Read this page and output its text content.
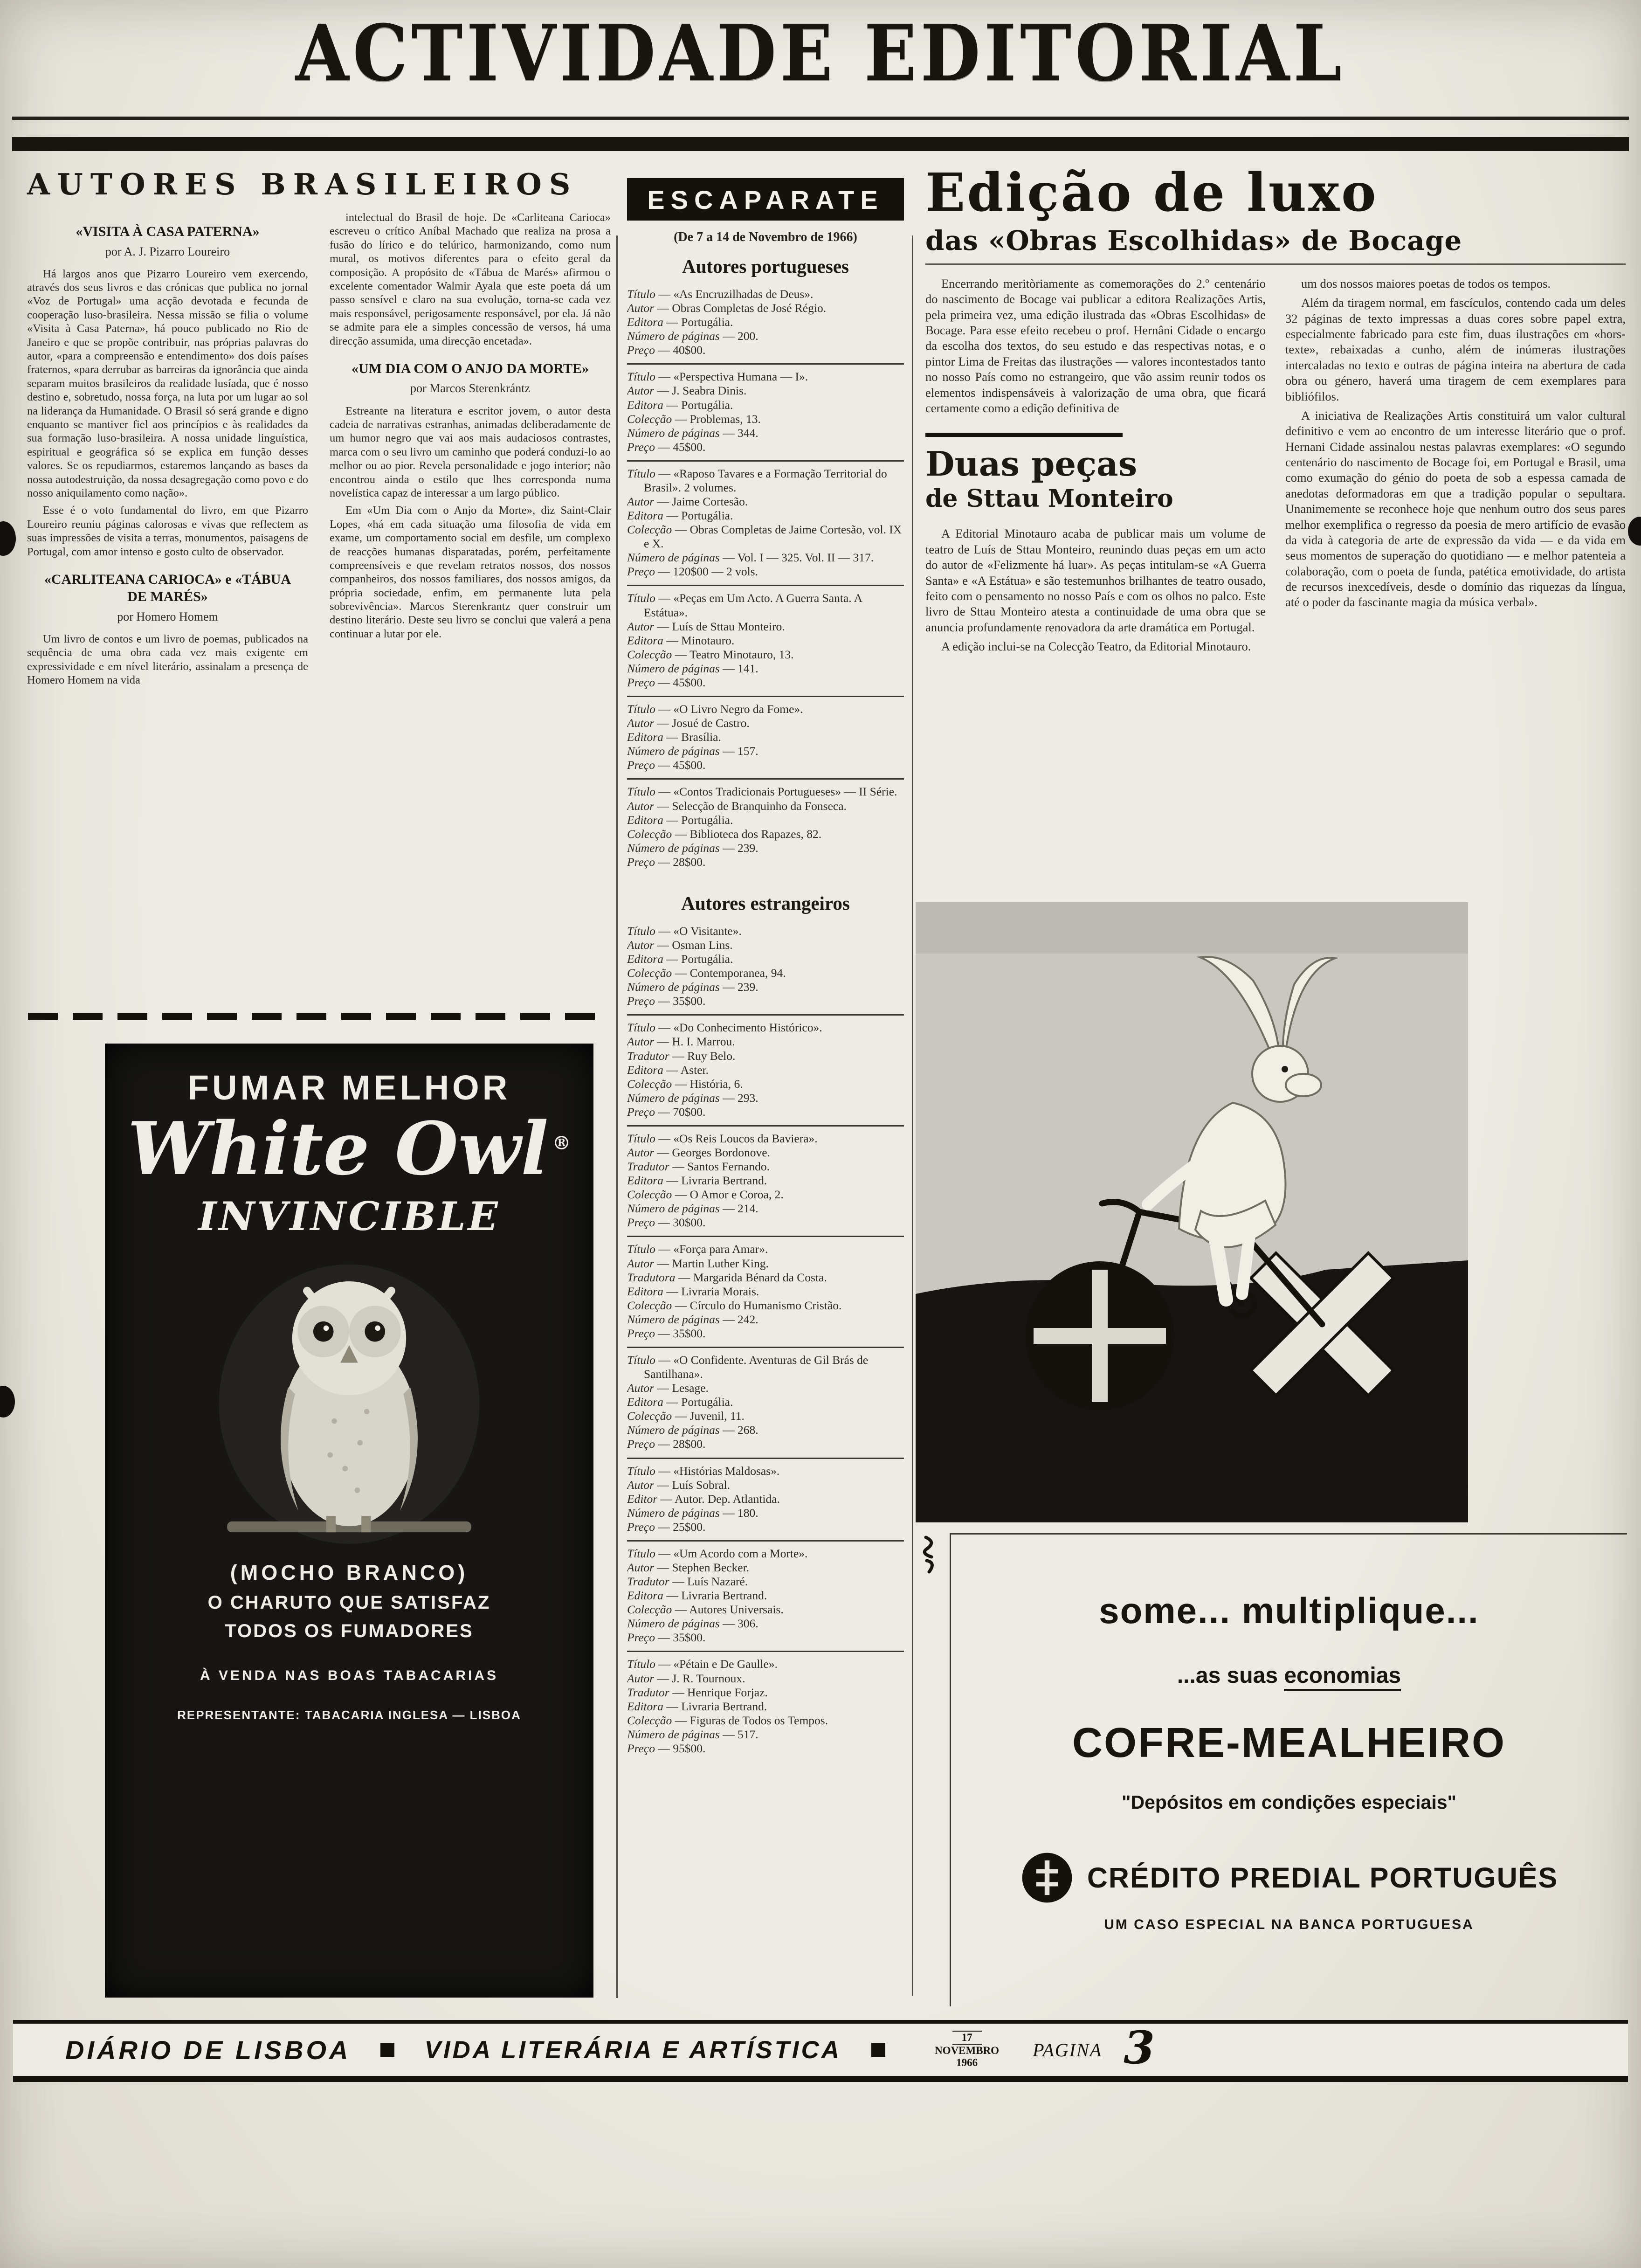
ACTIVIDADE EDITORIAL
AUTORES BRASILEIROS
«VISITA À CASA PATERNA»
por A. J. Pizarro Loureiro

Há largos anos que Pizarro Loureiro vem exercendo, através dos seus livros e das crónicas que publica no jornal «Voz de Portugal» uma acção devotada e fecunda de cooperação luso-brasileira. Nessa missão se filia o volume «Visita à Casa Paterna», há pouco publicado no Rio de Janeiro e que se propõe contribuir, nas próprias palavras do autor, «para a compreensão e entendimento» dos dois países fraternos, «para derrubar as barreiras da ignorância que ainda separam muitos brasileiros da realidade lusíada, que é nosso destino e, sobretudo, nossa força, na luta por um lugar ao sol na liderança da Humanidade. O Brasil só será grande e digno enquanto se mantiver fiel aos princípios e às realidades da sua formação luso-brasileira. A nossa unidade linguística, espiritual e geográfica só se explica em função desses valores. Se os repudiarmos, estaremos lançando as bases da nossa autodestruição, da nossa desagregação como povo e do nosso aniquilamento como nação».

Esse é o voto fundamental do livro, em que Pizarro Loureiro reuniu páginas calorosas e vivas que reflectem as suas impressões de visita a terras, monumentos, paisagens de Portugal, com amor intenso e gosto culto de observador.

«CARLITEANA CARIOCA» e «TÁBUA DE MARÉS»
por Homero Homem

Um livro de contos e um livro de poemas, publicados na sequência de uma obra cada vez mais exigente em expressividade e em nível literário, assinalam a presença de Homero Homem na vida

intelectual do Brasil de hoje. De «Carliteana Carioca» escreveu o crítico Aníbal Machado que realiza na prosa a fusão do lírico e do telúrico, harmonizando, como num mural, os motivos diferentes para o efeito geral da composição. A propósito de «Tábua de Marés» afirmou o excelente comentador Walmir Ayala que este poeta dá um passo sensível e claro na sua evolução, torna-se cada vez mais responsável, perigosamente responsável, por ela. Já não se admite para ele a simples concessão de versos, há uma direcção assumida, uma direcção encetada».

«UM DIA COM O ANJO DA MORTE»
por Marcos Sterenkrántz

Estreante na literatura e escritor jovem, o autor desta cadeia de narrativas estranhas, animadas deliberadamente de um humor negro que vai aos mais audaciosos contrastes, marca com o seu livro um caminho que poderá conduzi-lo ao melhor ou ao pior. Revela personalidade e jogo interior; não encontrou ainda o estilo que lhes corresponda numa novelística capaz de interessar a um largo público.

Em «Um Dia com o Anjo da Morte», diz Saint-Clair Lopes, «há em cada situação uma filosofia de vida em exame, um comportamento social em desfile, um complexo de reacções humanas disparatadas, porém, perfeitamente compreensíveis e que revelam retratos nossos, dos nossos companheiros, dos nossos familiares, dos nossos amigos, da própria sociedade, enfim, em permanente luta pela sobrevivência». Marcos Sterenkrantz quer construir um destino literário. Deste seu livro se conclui que valerá a pena continuar a lutar por ele.

FUMAR MELHOR
White Owl ®
INVINCIBLE
(MOCHO BRANCO)
O CHARUTO QUE SATISFAZ
TODOS OS FUMADORES
À VENDA NAS BOAS TABACARIAS
REPRESENTANTE: TABACARIA INGLESA — LISBOA
ESCAPARATE
(De 7 a 14 de Novembro de 1966)
Autores portugueses

Título — «As Encruzilhadas de Deus».

Autor — Obras Completas de José Régio.

Editora — Portugália.

Número de páginas — 200.

Preço — 40$00.

Título — «Perspectiva Humana — I».

Autor — J. Seabra Dinis.

Editora — Portugália.

Colecção — Problemas, 13.

Número de páginas — 344.

Preço — 45$00.

Título — «Raposo Tavares e a Formação Territorial do Brasil». 2 volumes.

Autor — Jaime Cortesão.

Editora — Portugália.

Colecção — Obras Completas de Jaime Cortesão, vol. IX e X.

Número de páginas — Vol. I — 325. Vol. II — 317.

Preço — 120$00 — 2 vols.

Título — «Peças em Um Acto. A Guerra Santa. A Estátua».

Autor — Luís de Sttau Monteiro.

Editora — Minotauro.

Colecção — Teatro Minotauro, 13.

Número de páginas — 141.

Preço — 45$00.

Título — «O Livro Negro da Fome».

Autor — Josué de Castro.

Editora — Brasília.

Número de páginas — 157.

Preço — 45$00.

Título — «Contos Tradicionais Portugueses» — II Série.

Autor — Selecção de Branquinho da Fonseca.

Editora — Portugália.

Colecção — Biblioteca dos Rapazes, 82.

Número de páginas — 239.

Preço — 28$00.

Autores estrangeiros

Título — «O Visitante».

Autor — Osman Lins.

Editora — Portugália.

Colecção — Contemporanea, 94.

Número de páginas — 239.

Preço — 35$00.

Título — «Do Conhecimento Histórico».

Autor — H. I. Marrou.

Tradutor — Ruy Belo.

Editora — Aster.

Colecção — História, 6.

Número de páginas — 293.

Preço — 70$00.

Título — «Os Reis Loucos da Baviera».

Autor — Georges Bordonove.

Tradutor — Santos Fernando.

Editora — Livraria Bertrand.

Colecção — O Amor e Coroa, 2.

Número de páginas — 214.

Preço — 30$00.

Título — «Força para Amar».

Autor — Martin Luther King.

Tradutora — Margarida Bénard da Costa.

Editora — Livraria Morais.

Colecção — Círculo do Humanismo Cristão.

Número de páginas — 242.

Preço — 35$00.

Título — «O Confidente. Aventuras de Gil Brás de Santilhana».

Autor — Lesage.

Editora — Portugália.

Colecção — Juvenil, 11.

Número de páginas — 268.

Preço — 28$00.

Título — «Histórias Maldosas».

Autor — Luís Sobral.

Editor — Autor. Dep. Atlantida.

Número de páginas — 180.

Preço — 25$00.

Título — «Um Acordo com a Morte».

Autor — Stephen Becker.

Tradutor — Luís Nazaré.

Editora — Livraria Bertrand.

Colecção — Autores Universais.

Número de páginas — 306.

Preço — 35$00.

Título — «Pétain e De Gaulle».

Autor — J. R. Tournoux.

Tradutor — Henrique Forjaz.

Editora — Livraria Bertrand.

Colecção — Figuras de Todos os Tempos.

Número de páginas — 517.

Preço — 95$00.

Edição de luxo
das «Obras Escolhidas» de Bocage

Encerrando meritòriamente as comemorações do 2.º centenário do nascimento de Bocage vai publicar a editora Realizações Artis, pela primeira vez, uma edição ilustrada das «Obras Escolhidas» de Bocage. Para esse efeito recebeu o prof. Hernâni Cidade o encargo da escolha dos textos, do seu estudo e das respectivas notas, e o pintor Lima de Freitas das ilustrações — valores incontestados tanto no nosso País como no estrangeiro, que vão assim reunir todos os elementos indispensáveis à valorização de uma obra, que ficará certamente como a edição definitiva de

Duas peças
de Sttau Monteiro

A Editorial Minotauro acaba de publicar mais um volume de teatro de Luís de Sttau Monteiro, reunindo duas peças em um acto do autor de «Felizmente há luar». As peças intitulam-se «A Guerra Santa» e «A Estátua» e são testemunhos brilhantes de teatro ousado, feito com o pensamento no nosso País e com os olhos no palco. Este livro de Sttau Monteiro atesta a continuidade de uma obra que se anuncia profundamente renovadora da arte dramática em Portugal.

A edição inclui-se na Colecção Teatro, da Editorial Minotauro.

um dos nossos maiores poetas de todos os tempos.

Além da tiragem normal, em fascículos, contendo cada um deles 32 páginas de texto impressas a duas cores sobre papel extra, especialmente fabricado para este fim, duas ilustrações em «hors-texte», rebaixadas a cunho, além de inúmeras ilustrações intercaladas no texto e outras de página inteira na abertura de cada obra ou género, haverá uma tiragem de cem exemplares para bibliófilos.

A iniciativa de Realizações Artis constituirá um valor cultural definitivo e vem ao encontro de um interesse literário que o prof. Hernani Cidade assinalou nestas palavras exemplares: «O segundo centenário do nascimento de Bocage foi, em Portugal e Brasil, uma como exumação do génio do poeta de sob a espessa camada de anedotas deformadoras em que a tradição popular o sepultara. Unanimemente se reconhece hoje que nenhum outro dos seus pares melhor exemplifica o regresso da poesia de mero artifício de evasão da vida à categoria de arte de expressão da vida — e da vida em seus momentos de superação do quotidiano — e melhor patenteia a colaboração, com o poeta de funda, patética emotividade, do artista de recursos inexcedíveis, desde o domínio das riquezas da língua, até o poder da fascinante magia da música verbal».

some... multiplique...
...as suas economias
COFRE-MEALHEIRO
"Depósitos em condições especiais"
CRÉDITO PREDIAL PORTUGUÊS
UM CASO ESPECIAL NA BANCA PORTUGUESA
DIÁRIO DE LISBOA	VIDA LITERÁRIA E ARTÍSTICA	17
NOVEMBRO
1966
PAGINA 3
